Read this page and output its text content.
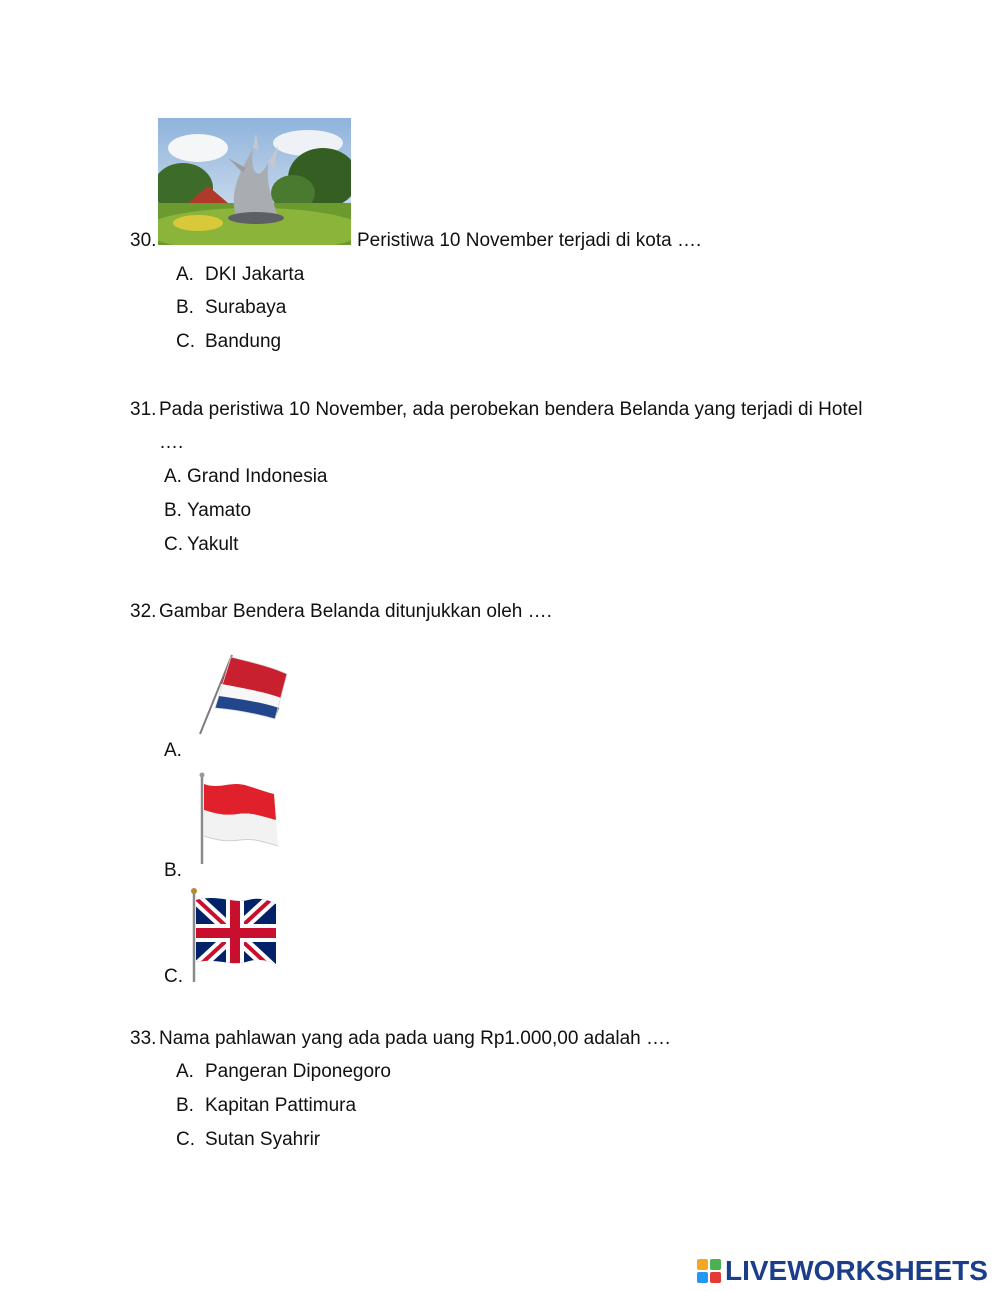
30.	Peristiwa 10 November terjadi di kota ….
A. DKI Jakarta
B. Surabaya
C. Bandung
31. Pada peristiwa 10 November, ada perobekan bendera Belanda yang terjadi di Hotel
….
A. Grand Indonesia
B. Yamato
C. Yakult
32. Gambar Bendera Belanda ditunjukkan oleh ….
A.
B.
C.
33. Nama pahlawan yang ada pada uang Rp1.000,00 adalah ….
A. Pangeran Diponegoro
B. Kapitan Pattimura
C. Sutan Syahrir
LIVEWORKSHEETS
